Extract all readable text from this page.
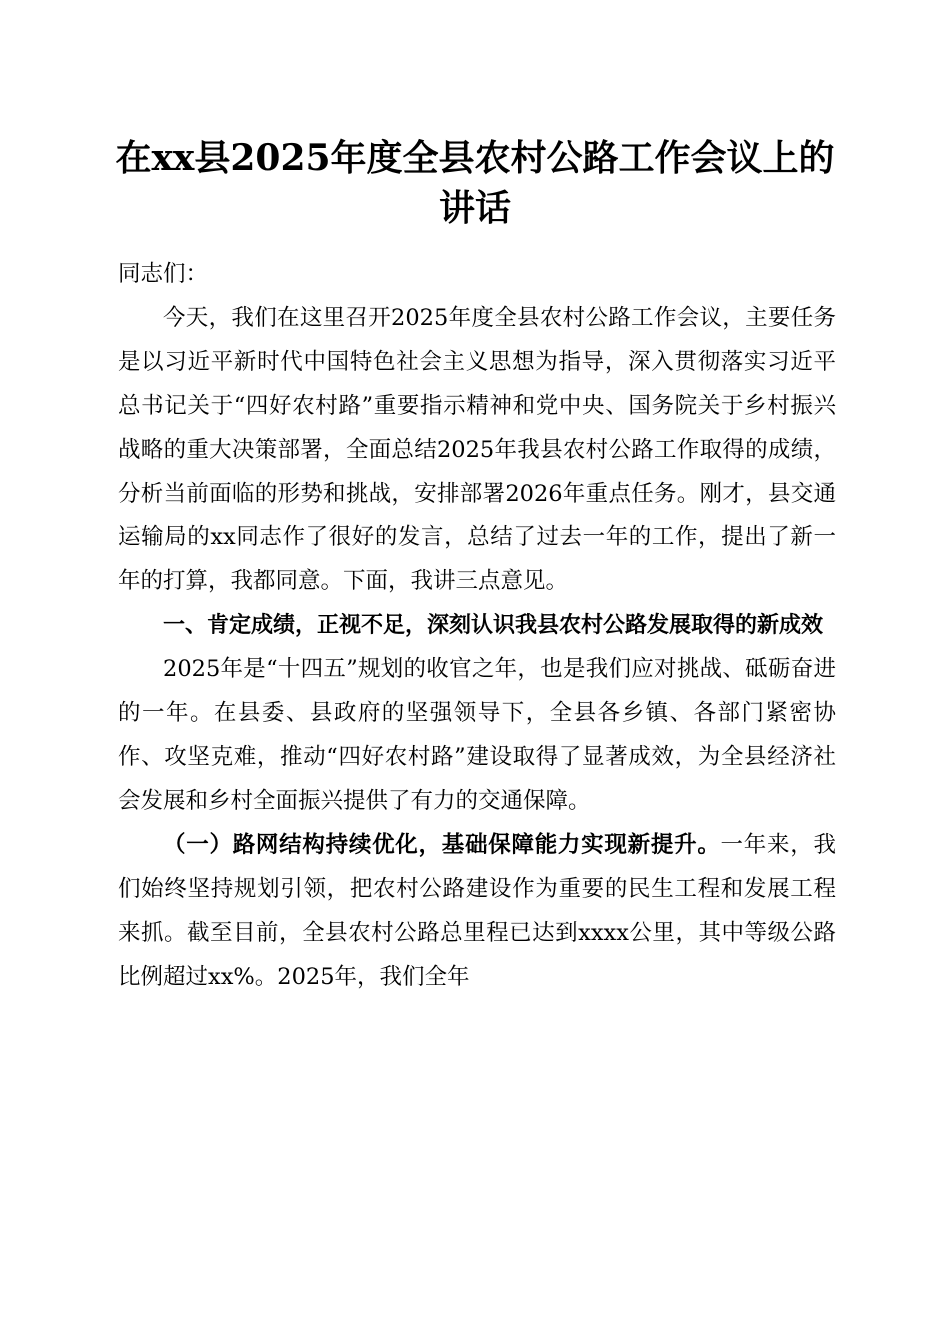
在xx县2025年度全县农村公路工作会议上的讲话

同志们：

今天，我们在这里召开2025年度全县农村公路工作会议，主要任务是以习近平新时代中国特色社会主义思想为指导，深入贯彻落实习近平总书记关于“四好农村路”重要指示精神和党中央、国务院关于乡村振兴战略的重大决策部署，全面总结2025年我县农村公路工作取得的成绩，分析当前面临的形势和挑战，安排部署2026年重点任务。刚才，县交通运输局的xx同志作了很好的发言，总结了过去一年的工作，提出了新一年的打算，我都同意。下面，我讲三点意见。

一、肯定成绩，正视不足，深刻认识我县农村公路发展取得的新成效

2025年是“十四五”规划的收官之年，也是我们应对挑战、砥砺奋进的一年。在县委、县政府的坚强领导下，全县各乡镇、各部门紧密协作、攻坚克难，推动“四好农村路”建设取得了显著成效，为全县经济社会发展和乡村全面振兴提供了有力的交通保障。

（一）路网结构持续优化，基础保障能力实现新提升。一年来，我们始终坚持规划引领，把农村公路建设作为重要的民生工程和发展工程来抓。截至目前，全县农村公路总里程已达到xxxx公里，其中等级公路比例超过xx%。2025年，我们全年
